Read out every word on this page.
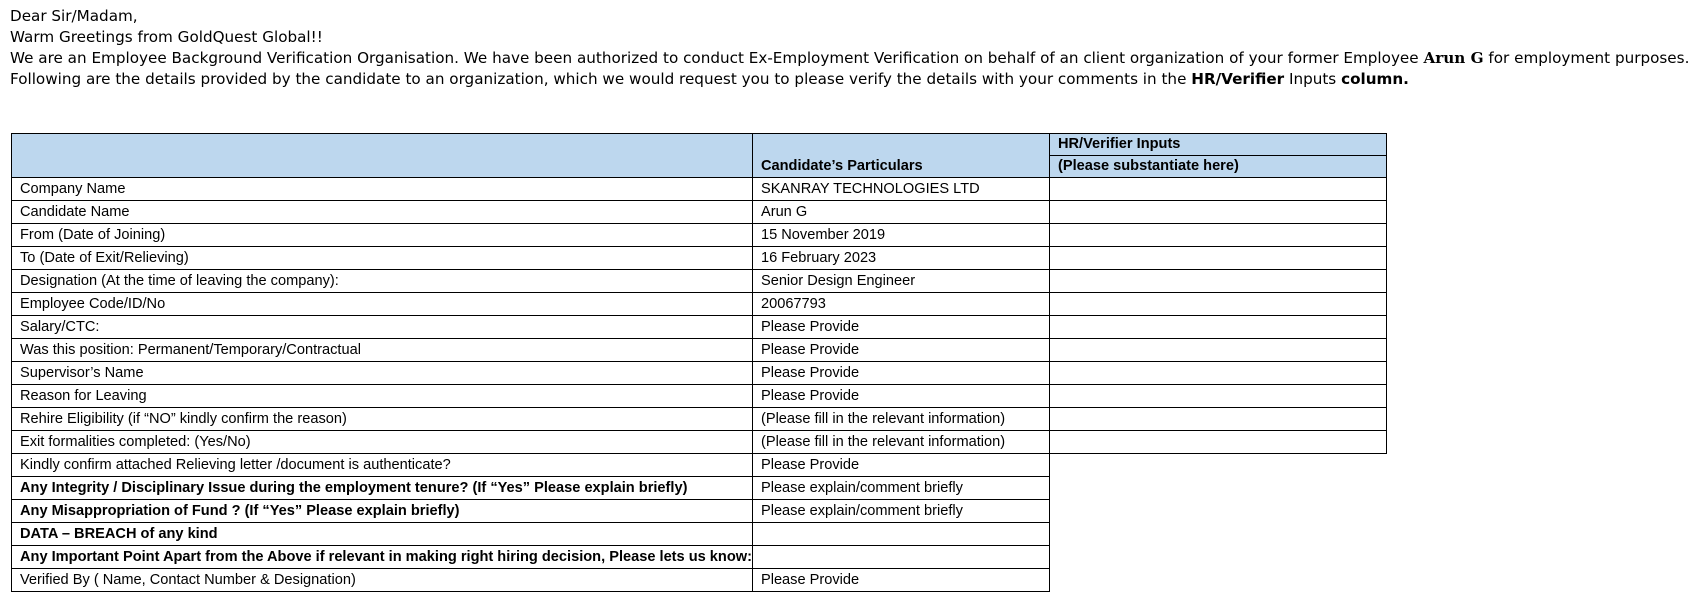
Dear Sir/Madam,

Warm Greetings from GoldQuest Global!!

We are an Employee Background Verification Organisation. We have been authorized to conduct Ex-Employment Verification on behalf of an client organization of your former Employee Arun G for employment purposes.

Following are the details provided by the candidate to an organization, which we would request you to please verify the details with your comments in the HR/Verifier Inputs column.

	Candidate’s Particulars	HR/Verifier Inputs
		(Please substantiate here)
Company Name	SKANRAY TECHNOLOGIES LTD	
Candidate Name	Arun G	
From (Date of Joining)	15 November 2019	
To (Date of Exit/Relieving)	16 February 2023	
Designation (At the time of leaving the company):	Senior Design Engineer	
Employee Code/ID/No	20067793	
Salary/CTC:	Please Provide	
Was this position: Permanent/Temporary/Contractual	Please Provide	
Supervisor’s Name	Please Provide	
Reason for Leaving	Please Provide	
Rehire Eligibility (if “NO” kindly confirm the reason)	(Please fill in the relevant information)	
Exit formalities completed: (Yes/No)	(Please fill in the relevant information)	
Kindly confirm attached Relieving letter /document is authenticate?	Please Provide	
Any Integrity / Disciplinary Issue during the employment tenure? (If “Yes” Please explain briefly)	Please explain/comment briefly	
Any Misappropriation of Fund ? (If “Yes” Please explain briefly)	Please explain/comment briefly	
DATA – BREACH of any kind		
Any Important Point Apart from the Above if relevant in making right hiring decision, Please lets us know:		
Verified By ( Name, Contact Number & Designation)	Please Provide	
